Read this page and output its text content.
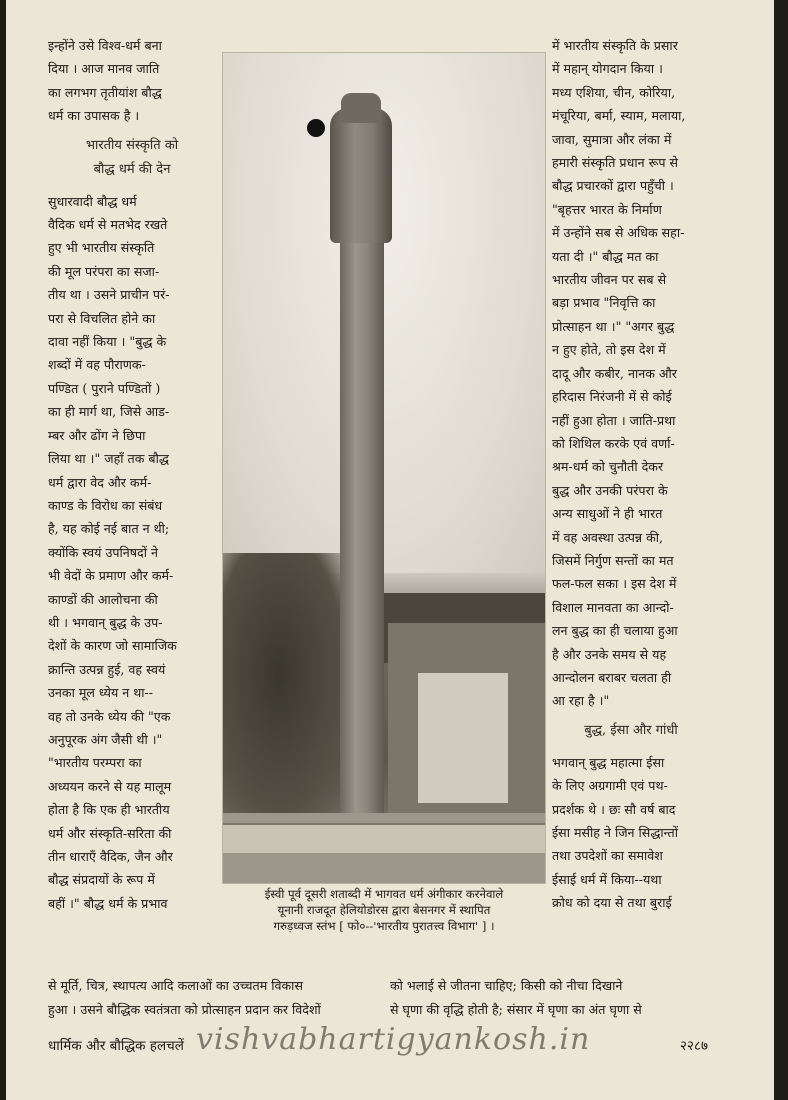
इन्होंने उसे विश्व-धर्म बना
दिया । आज मानव जाति
का लगभग तृतीयांश बौद्ध
धर्म का उपासक है ।

भारतीय संस्कृति को
बौद्ध धर्म की देन

सुधारवादी बौद्ध धर्म
वैदिक धर्म से मतभेद रखते
हुए भी भारतीय संस्कृति
की मूल परंपरा का सजा-
तीय था । उसने प्राचीन परं-
परा से विचलित होने का
दावा नहीं किया । "बुद्ध के
शब्दों में वह पौराणक-
पण्डित ( पुराने पण्डितों )
का ही मार्ग था, जिसे आड-
म्बर और ढोंग ने छिपा
लिया था ।" जहाँ तक बौद्ध
धर्म द्वारा वेद और कर्म-
काण्ड के विरोध का संबंध
है, यह कोई नई बात न थी;
क्योंकि स्वयं उपनिषदों ने
भी वेदों के प्रमाण और कर्म-
काण्डों की आलोचना की
थी । भगवान् बुद्ध के उप-
देशों के कारण जो सामाजिक
क्रान्ति उत्पन्न हुई, वह स्वयं
उनका मूल ध्येय न था--
वह तो उनके ध्येय की "एक
अनुपूरक अंग जैसी थी ।"
"भारतीय परम्परा का
अध्ययन करने से यह मालूम
होता है कि एक ही भारतीय
धर्म और संस्कृति-सरिता की
तीन धाराएँ वैदिक, जैन और
बौद्ध संप्रदायों के रूप में
बहीं ।" बौद्ध धर्म के प्रभाव

ईस्वी पूर्व दूसरी शताब्दी में भागवत धर्म अंगीकार करनेवाले
यूनानी राजदूत हेलियोडोरस द्वारा बेसनगर में स्थापित
गरुड़ध्वज स्तंभ [ फो०--'भारतीय पुरातत्त्व विभाग' ] ।

में भारतीय संस्कृति के प्रसार
में महान् योगदान किया ।
मध्य एशिया, चीन, कोरिया,
मंचूरिया, बर्मा, स्याम, मलाया,
जावा, सुमात्रा और लंका में
हमारी संस्कृति प्रधान रूप से
बौद्ध प्रचारकों द्वारा पहुँची ।
"बृहत्तर भारत के निर्माण
में उन्होंने सब से अधिक सहा-
यता दी ।" बौद्ध मत का
भारतीय जीवन पर सब से
बड़ा प्रभाव "निवृत्ति का
प्रोत्साहन था ।" "अगर बुद्ध
न हुए होते, तो इस देश में
दादू और कबीर, नानक और
हरिदास निरंजनी में से कोई
नहीं हुआ होता । जाति-प्रथा
को शिथिल करके एवं वर्णा-
श्रम-धर्म को चुनौती देकर
बुद्ध और उनकी परंपरा के
अन्य साधुओं ने ही भारत
में वह अवस्था उत्पन्न की,
जिसमें निर्गुण सन्तों का मत
फल-फल सका । इस देश में
विशाल मानवता का आन्दो-
लन बुद्ध का ही चलाया हुआ
है और उनके समय से यह
आन्दोलन बराबर चलता ही
आ रहा है ।"

बुद्ध, ईसा और गांधी

भगवान् बुद्ध महात्मा ईसा
के लिए अग्रगामी एवं पथ-
प्रदर्शक थे । छः सौ वर्ष बाद
ईसा मसीह ने जिन सिद्धान्तों
तथा उपदेशों का समावेश
ईसाई धर्म में किया--यथा
क्रोध को दया से तथा बुराई

से मूर्ति, चित्र, स्थापत्य आदि कलाओं का उच्चतम विकास	को भलाई से जीतना चाहिए; किसी को नीचा दिखाने
हुआ । उसने बौद्धिक स्वतंत्रता को प्रोत्साहन प्रदान कर विदेशों	से घृणा की वृद्धि होती है; संसार में घृणा का अंत घृणा से
धार्मिक और बौद्धिक हलचलें	२२८७
vishvabhartigyankosh.in
